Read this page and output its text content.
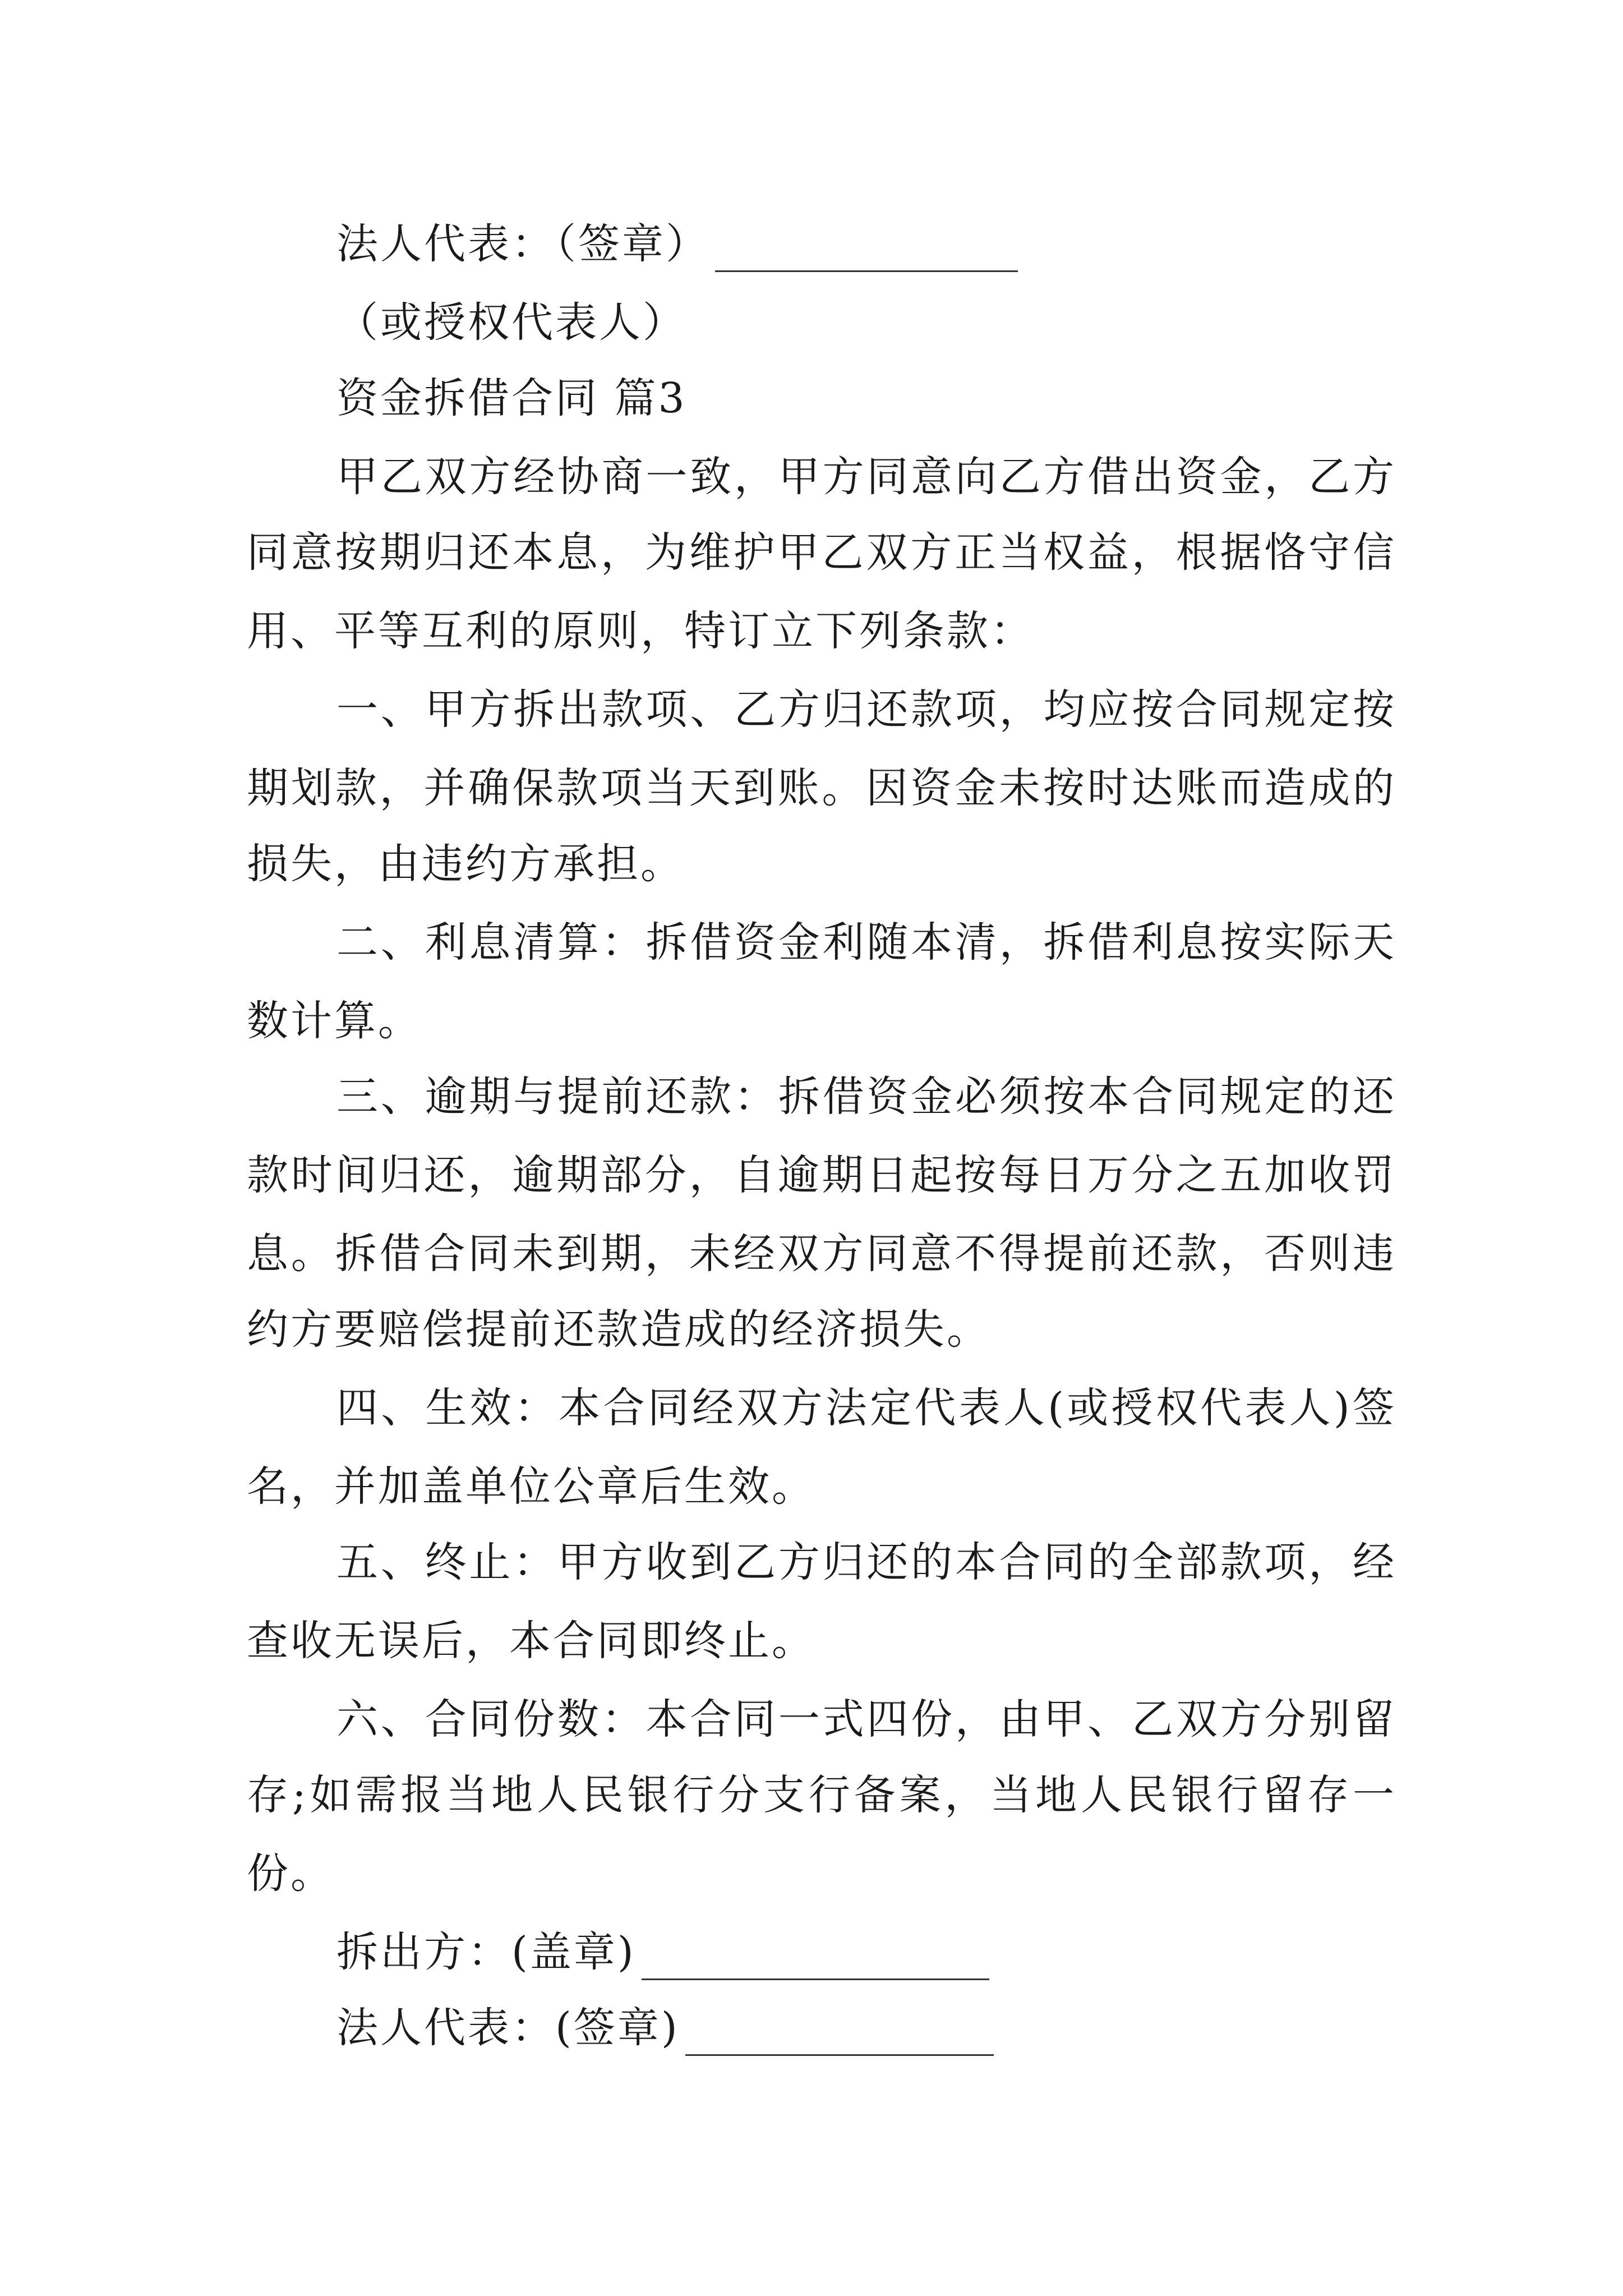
法人代表：（签章）
（或授权代表人）
资金拆借合同 篇3
甲乙双方经协商一致，甲方同意向乙方借出资金，乙方
同意按期归还本息，为维护甲乙双方正当权益，根据恪守信
用、平等互利的原则，特订立下列条款：
一、甲方拆出款项、乙方归还款项，均应按合同规定按
期划款，并确保款项当天到账。因资金未按时达账而造成的
损失，由违约方承担。
二、利息清算：拆借资金利随本清，拆借利息按实际天
数计算。
三、逾期与提前还款：拆借资金必须按本合同规定的还
款时间归还，逾期部分，自逾期日起按每日万分之五加收罚
息。拆借合同未到期，未经双方同意不得提前还款，否则违
约方要赔偿提前还款造成的经济损失。
四、生效：本合同经双方法定代表人(或授权代表人)签
名，并加盖单位公章后生效。
五、终止：甲方收到乙方归还的本合同的全部款项，经
查收无误后，本合同即终止。
六、合同份数：本合同一式四份，由甲、乙双方分别留
存;如需报当地人民银行分支行备案，当地人民银行留存一
份。
拆出方：(盖章)
法人代表：(签章)
